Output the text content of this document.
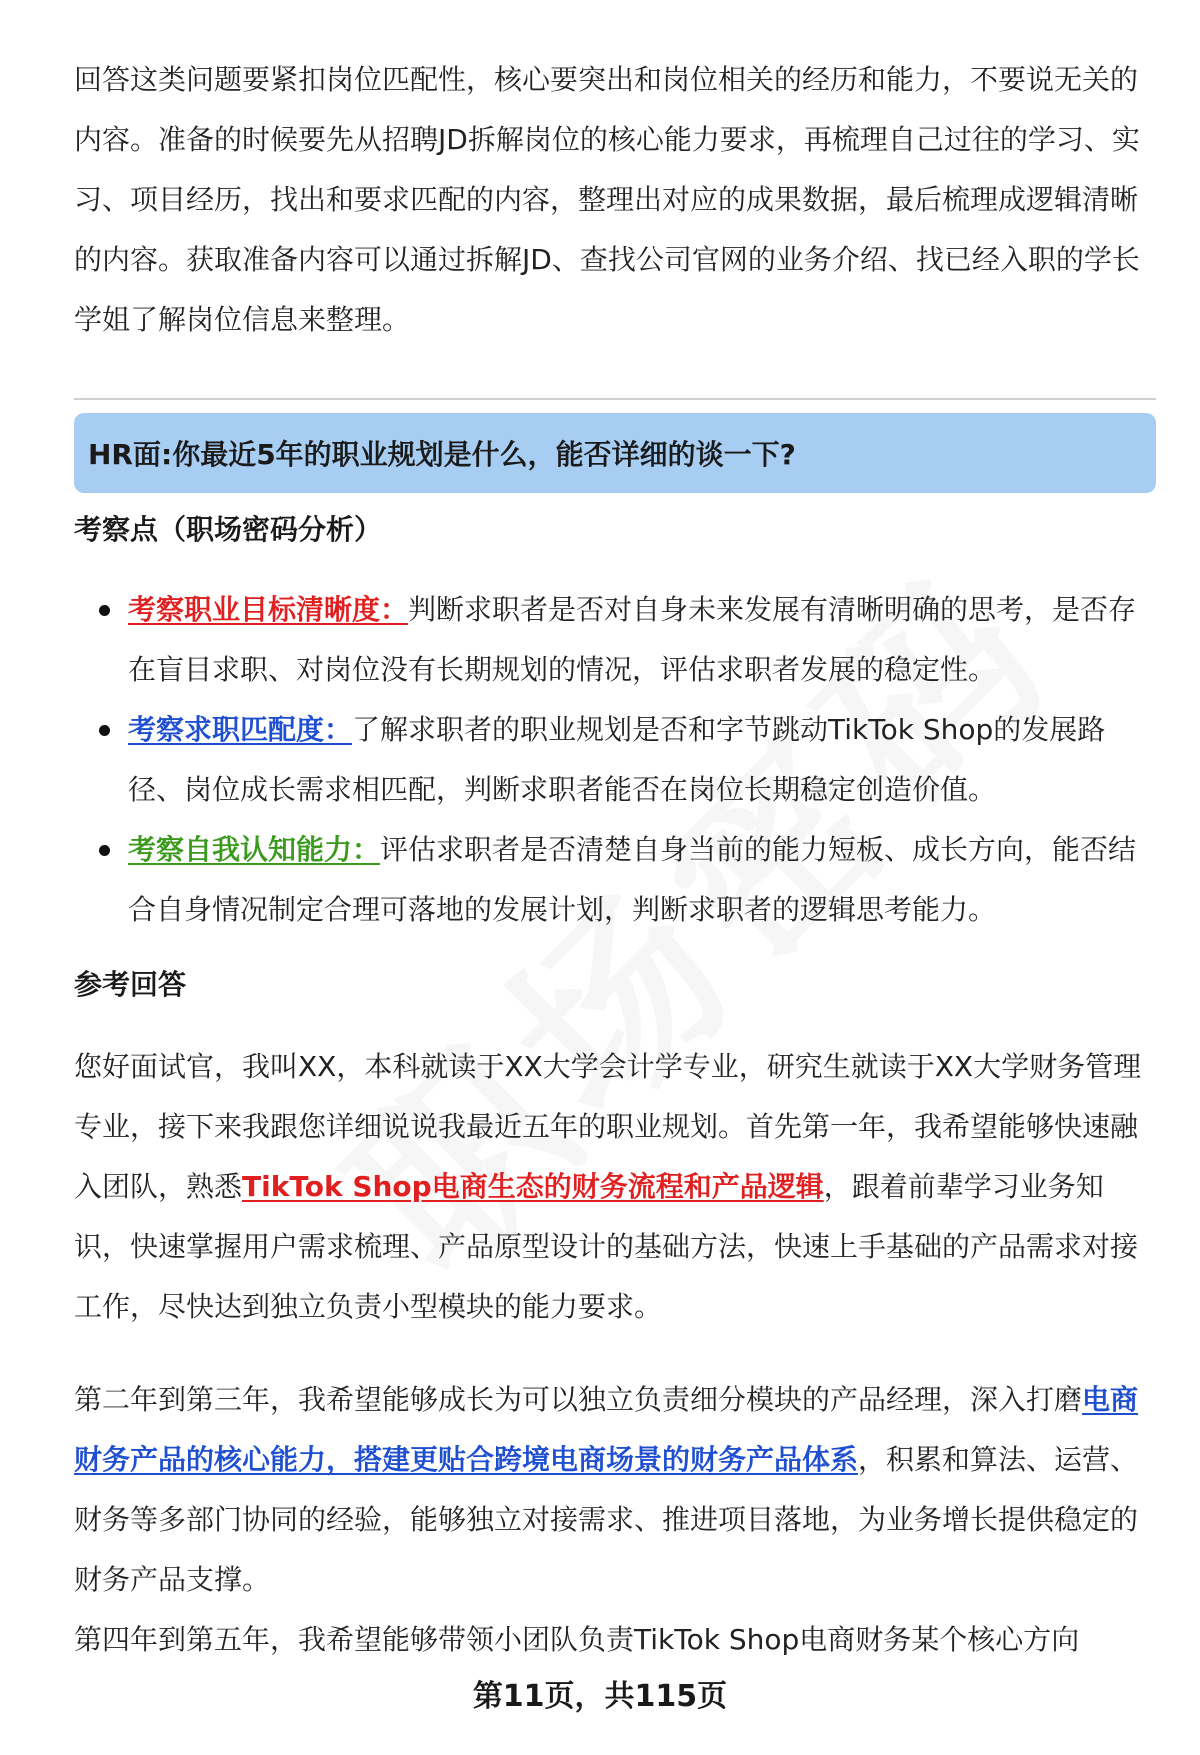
回答这类问题要紧扣岗位匹配性，核心要突出和岗位相关的经历和能力，不要说无关的内容。准备的时候要先从招聘JD拆解岗位的核心能力要求，再梳理自己过往的学习、实习、项目经历，找出和要求匹配的内容，整理出对应的成果数据，最后梳理成逻辑清晰的内容。获取准备内容可以通过拆解JD、查找公司官网的业务介绍、找已经入职的学长学姐了解岗位信息来整理。

HR面:你最近5年的职业规划是什么，能否详细的谈一下?
考察点（职场密码分析）
考察职业目标清晰度：判断求职者是否对自身未来发展有清晰明确的思考，是否存在盲目求职、对岗位没有长期规划的情况，评估求职者发展的稳定性。
考察求职匹配度：了解求职者的职业规划是否和字节跳动TikTok Shop的发展路径、岗位成长需求相匹配，判断求职者能否在岗位长期稳定创造价值。
考察自我认知能力：评估求职者是否清楚自身当前的能力短板、成长方向，能否结合自身情况制定合理可落地的发展计划，判断求职者的逻辑思考能力。
参考回答

您好面试官，我叫XX，本科就读于XX大学会计学专业，研究生就读于XX大学财务管理专业，接下来我跟您详细说说我最近五年的职业规划。首先第一年，我希望能够快速融入团队，熟悉TikTok Shop电商生态的财务流程和产品逻辑，跟着前辈学习业务知识，快速掌握用户需求梳理、产品原型设计的基础方法，快速上手基础的产品需求对接工作，尽快达到独立负责小型模块的能力要求。

第二年到第三年，我希望能够成长为可以独立负责细分模块的产品经理，深入打磨电商财务产品的核心能力，搭建更贴合跨境电商场景的财务产品体系，积累和算法、运营、财务等多部门协同的经验，能够独立对接需求、推进项目落地，为业务增长提供稳定的财务产品支撑。

第四年到第五年，我希望能够带领小团队负责TikTok Shop电商财务某个核心方向

第11页，共115页
